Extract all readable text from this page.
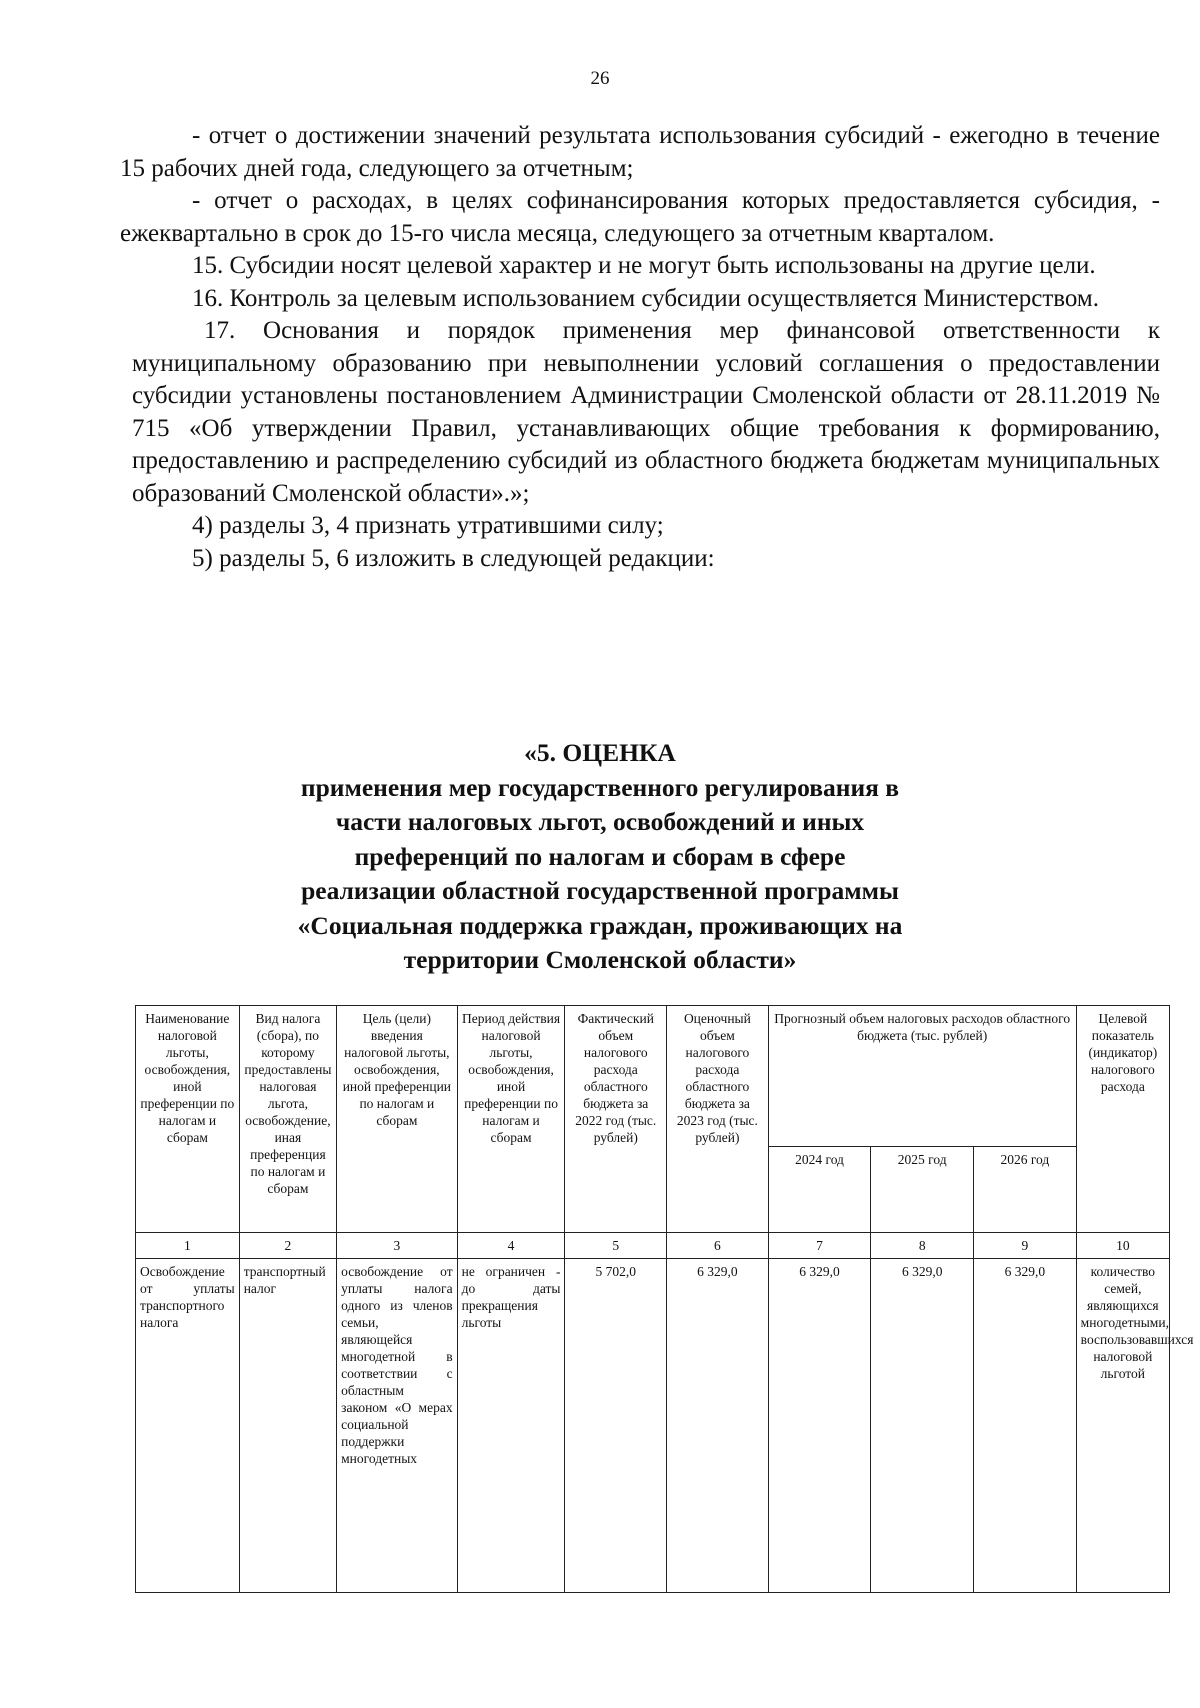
26

- отчет о достижении значений результата использования субсидий - ежегодно в течение 15 рабочих дней года, следующего за отчетным;

- отчет о расходах, в целях софинансирования которых предоставляется субсидия, - ежеквартально в срок до 15-го числа месяца, следующего за отчетным кварталом.

15. Субсидии носят целевой характер и не могут быть использованы на другие цели.

16. Контроль за целевым использованием субсидии осуществляется Министерством.

17. Основания и порядок применения мер финансовой ответственности к муниципальному образованию при невыполнении условий соглашения о предоставлении субсидии установлены постановлением Администрации Смоленской области от 28.11.2019 № 715 «Об утверждении Правил, устанавливающих общие требования к формированию, предоставлению и распределению субсидий из областного бюджета бюджетам муниципальных образований Смоленской области».»;

4) разделы 3, 4 признать утратившими силу;

5) разделы 5, 6 изложить в следующей редакции:

«5. ОЦЕНКА
применения мер государственного регулирования в
части налоговых льгот, освобождений и иных
преференций по налогам и сборам в сфере
реализации областной государственной программы
«Социальная поддержка граждан, проживающих на
территории Смоленской области»
Наименование налоговой льготы, освобождения, иной преференции по налогам и сборам	Вид налога (сбора), по которому предоставлены налоговая льгота, освобождение, иная преференция по налогам и сборам	Цель (цели) введения налоговой льготы, освобождения, иной преференции по налогам и сборам	Период действия налоговой льготы, освобождения, иной преференции по налогам и сборам	Фактический объем налогового расхода областного бюджета за 2022 год (тыс. рублей)	Оценочный объем налогового расхода областного бюджета за 2023 год (тыс. рублей)	Прогнозный объем налоговых расходов областного бюджета (тыс. рублей)			Целевой показатель (индикатор) налогового расхода
						2024 год	2025 год	2026 год	
1	2	3	4	5	6	7	8	9	10
Освобождение от уплаты транспортного налога	транспортный налог	освобождение от уплаты налога одного из членов семьи, являющейся многодетной в соответствии с областным законом «О мерах социальной поддержки многодетных	не ограничен - до даты прекращения льготы	5 702,0	6 329,0	6 329,0	6 329,0	6 329,0	количество семей, являющихся многодетными, воспользовавшихся налоговой льготой
